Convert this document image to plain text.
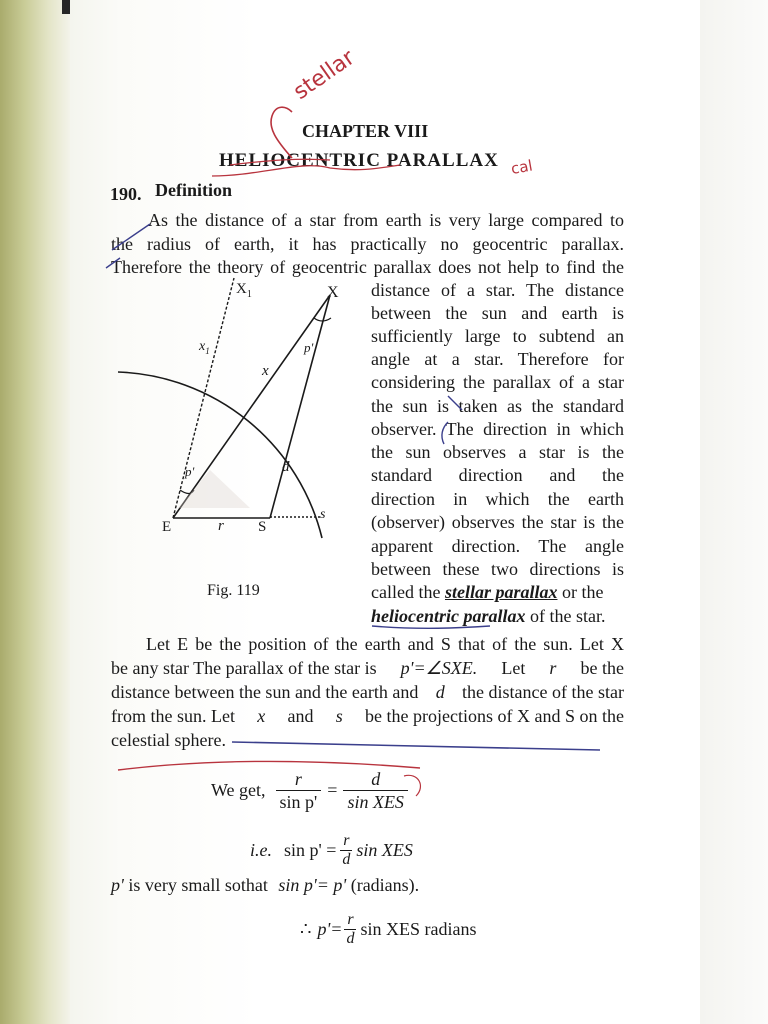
CHAPTER VIII
HELIOCENTRIC PARALLAX
190. Definition
As the distance of a star from earth is very large compared to
the radius of earth, it has practically no geocentric parallax.
Therefore the theory of geocentric parallax does not help to find the
distance of a star. The distance
between the sun and earth is
sufficiently large to subtend an
angle at a star. Therefore for
considering the parallax of a star
the sun is taken as the standard
observer. The direction in which
the sun observes a star is the
standard direction and the
direction in which the earth
(observer) observes the star is the
apparent direction. The angle
between these two directions is
called the stellar parallax or the
heliocentric parallax of the star.
$X_1$	X
$x_1$	p'
x
p'	d
E	r S
s
Fig. 119
Let E be the position of the earth and S that of the sun. Let X
be any star The parallax of the star is p'=∠SXE. Let r be the
distance between the sun and the earth and d the distance of the star
from the sun. Let x and s be the projections of X and S on the
celestial sphere.
We get, $\frac{r}{\text{sin p'}} = \frac{d}{\text{sin XES}}$
i.e. $\sin p' = \frac{r}{d}$ sin XES
p' is very small sothat sin p'= p' (radians).
∴ $p'= \frac{r}{d}$ sin XES radians
stellar
cal
